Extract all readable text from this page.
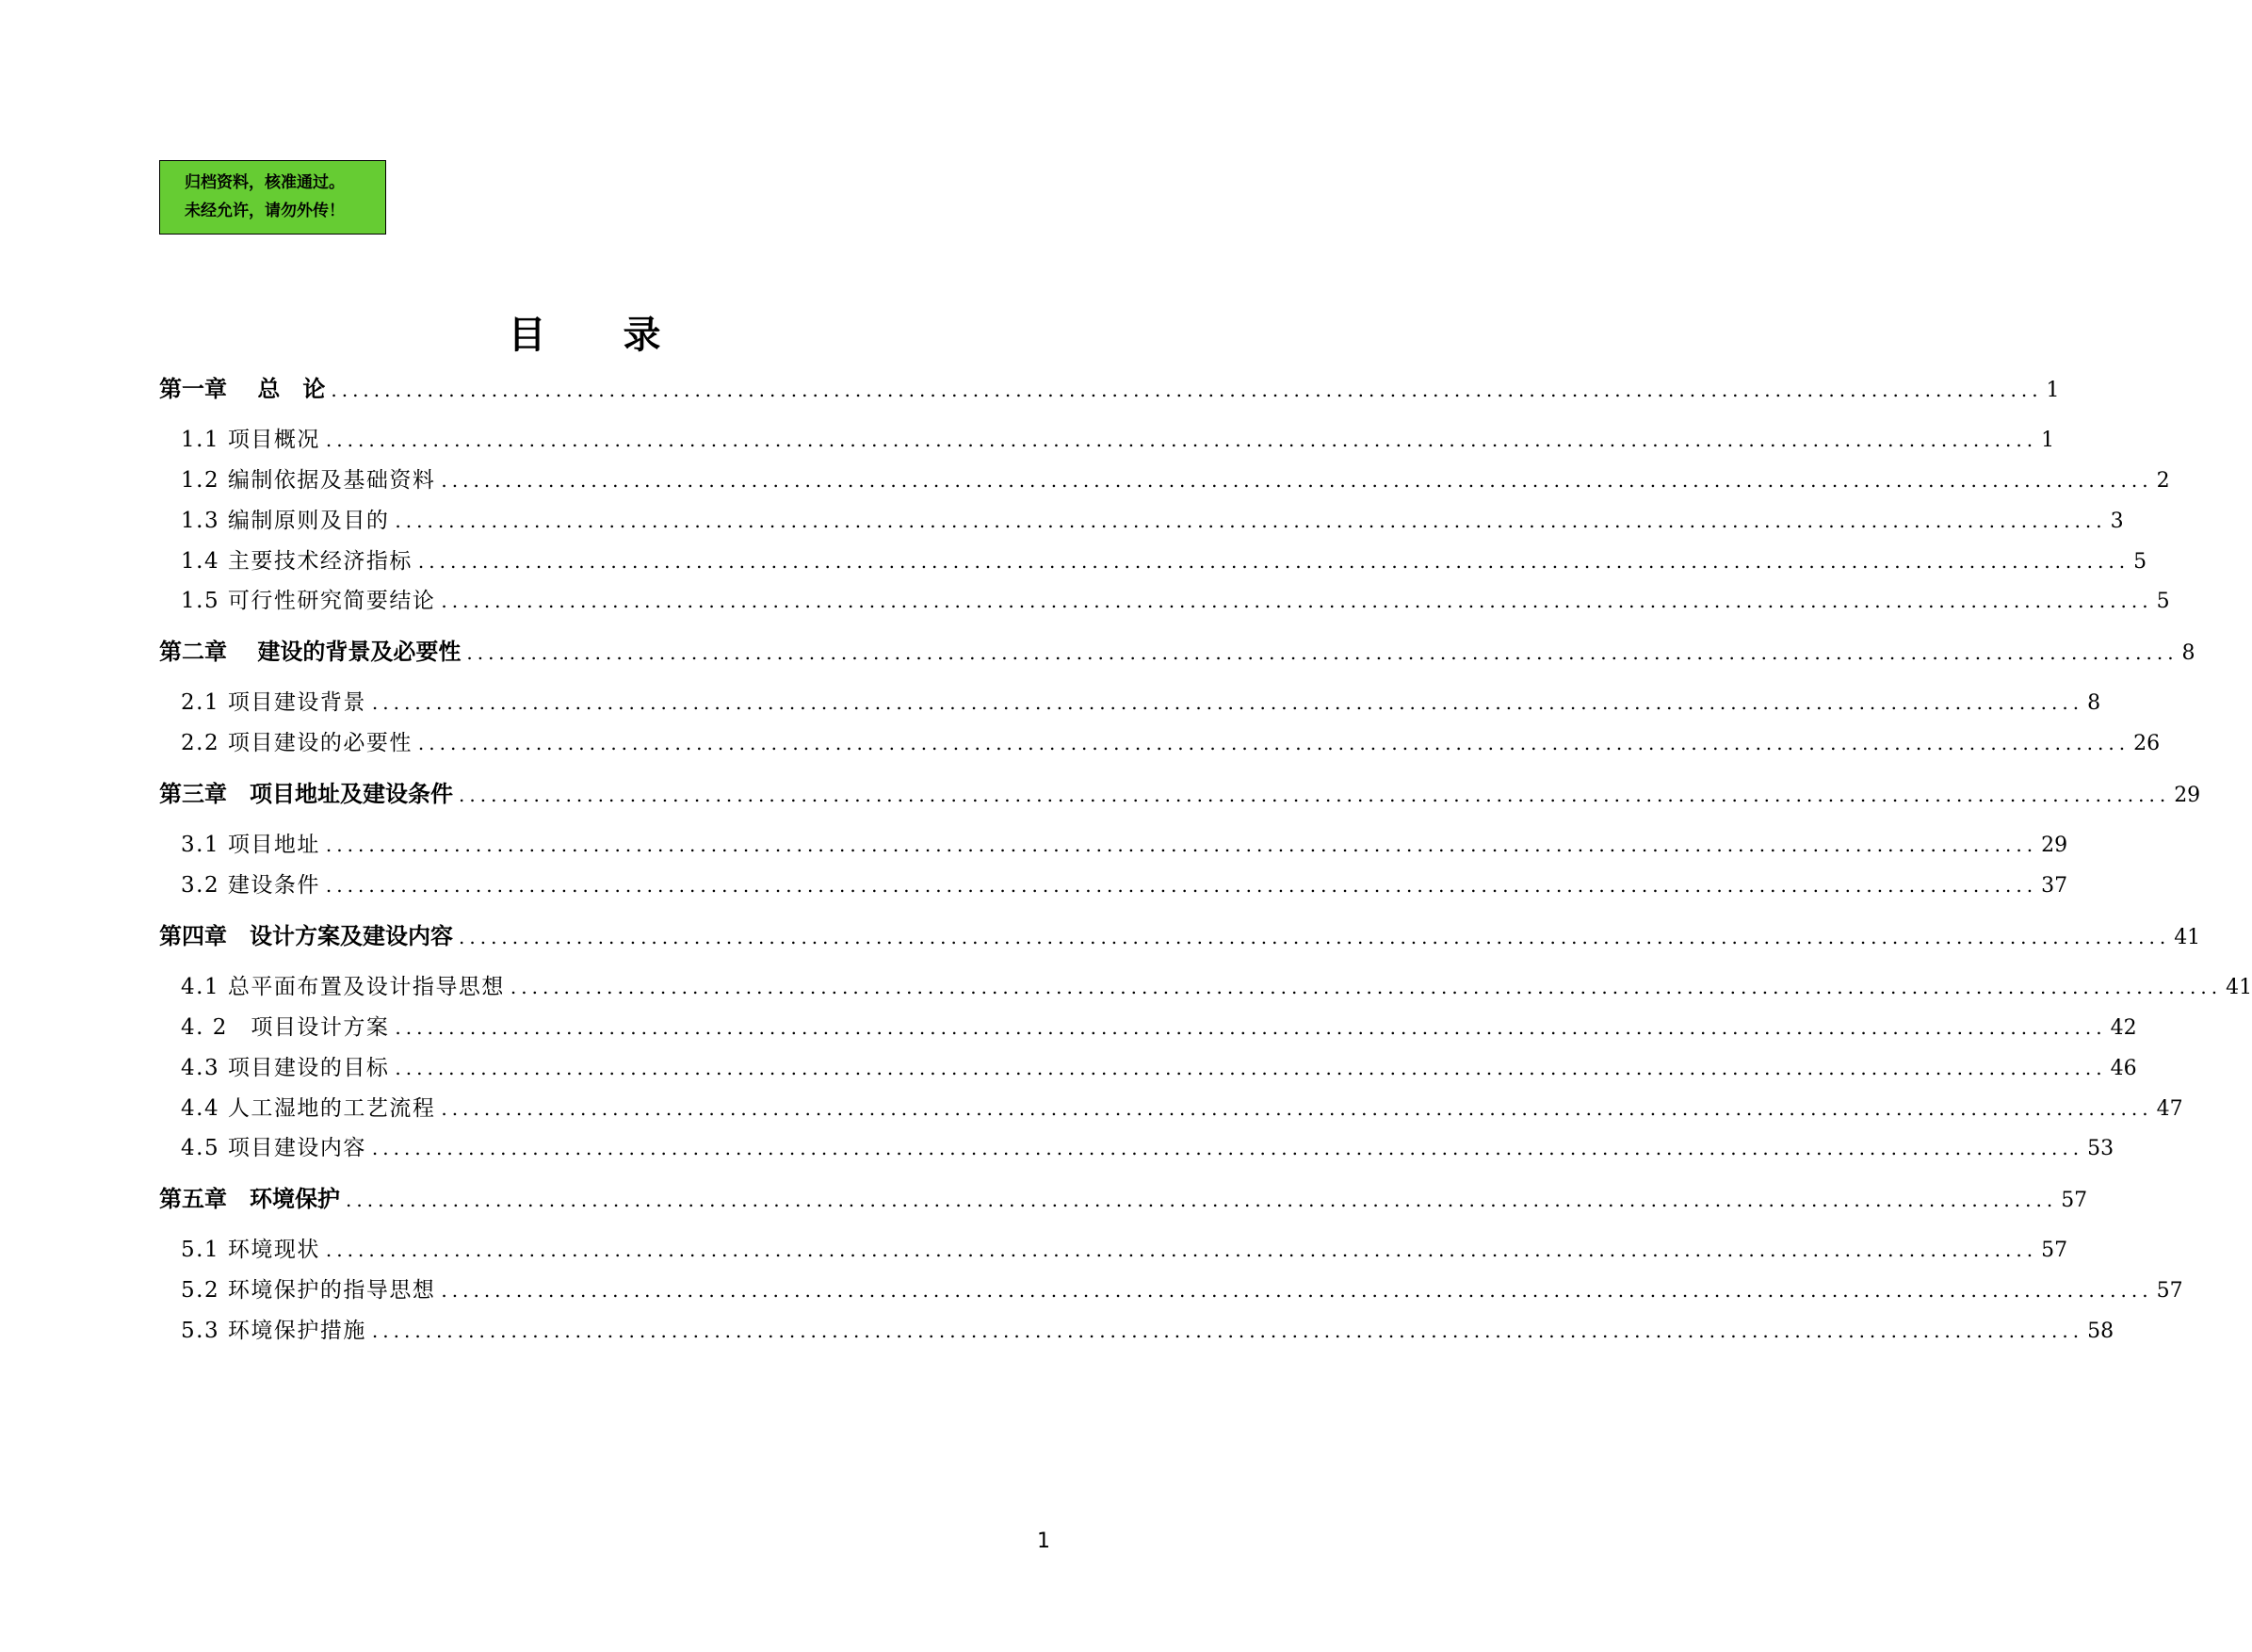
归档资料，核准通过。
未经允许，请勿外传！
目 录
第一章　 总　论 ................................................................................................................................................................ 1
1.1 项目概况 ................................................................................................................................................................ 1
1.2 编制依据及基础资料 ................................................................................................................................................................ 2
1.3 编制原则及目的 ................................................................................................................................................................ 3
1.4 主要技术经济指标 ................................................................................................................................................................ 5
1.5 可行性研究简要结论 ................................................................................................................................................................ 5
第二章　 建设的背景及必要性 ................................................................................................................................................................ 8
2.1 项目建设背景 ................................................................................................................................................................ 8
2.2 项目建设的必要性 ................................................................................................................................................................ 26
第三章　项目地址及建设条件 ................................................................................................................................................................ 29
3.1 项目地址 ................................................................................................................................................................ 29
3.2 建设条件 ................................................................................................................................................................ 37
第四章　设计方案及建设内容 ................................................................................................................................................................ 41
4.1 总平面布置及设计指导思想 ................................................................................................................................................................ 41
4. 2　项目设计方案 ................................................................................................................................................................ 42
4.3 项目建设的目标 ................................................................................................................................................................ 46
4.4 人工湿地的工艺流程 ................................................................................................................................................................ 47
4.5 项目建设内容 ................................................................................................................................................................ 53
第五章　环境保护 ................................................................................................................................................................ 57
5.1 环境现状 ................................................................................................................................................................ 57
5.2 环境保护的指导思想 ................................................................................................................................................................ 57
5.3 环境保护措施 ................................................................................................................................................................ 58
1
